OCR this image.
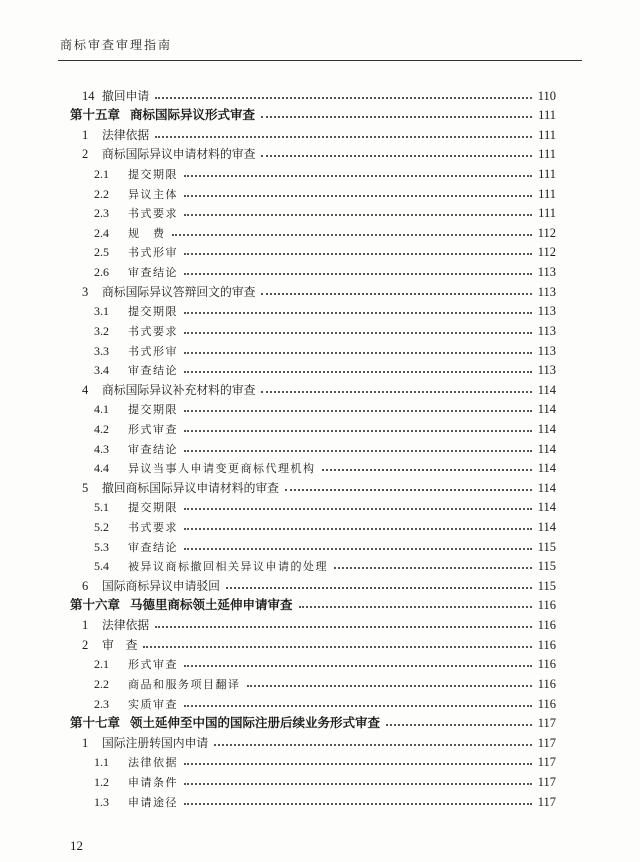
商标审查审理指南
14 撤回申请	110
第十五章 商标国际异议形式审查	111
1	法律依据	111
2	商标国际异议申请材料的审查	111
2.1	提交期限	111
2.2	异议主体	111
2.3	书式要求	111
2.4	规　费	112
2.5	书式形审	112
2.6	审查结论	113
3	商标国际异议答辩回文的审查	113
3.1	提交期限	113
3.2	书式要求	113
3.3	书式形审	113
3.4	审查结论	113
4	商标国际异议补充材料的审查	114
4.1	提交期限	114
4.2	形式审查	114
4.3	审查结论	114
4.4	异议当事人申请变更商标代理机构	114
5	撤回商标国际异议申请材料的审查	114
5.1	提交期限	114
5.2	书式要求	114
5.3	审查结论	115
5.4	被异议商标撤回相关异议申请的处理	115
6	国际商标异议申请驳回	115
第十六章 马德里商标领土延伸申请审查	116
1	法律依据	116
2	审　查	116
2.1	形式审查	116
2.2	商品和服务项目翻译	116
2.3	实质审查	116
第十七章 领土延伸至中国的国际注册后续业务形式审查	117
1	国际注册转国内申请	117
1.1	法律依据	117
1.2	申请条件	117
1.3	申请途径	117
12
